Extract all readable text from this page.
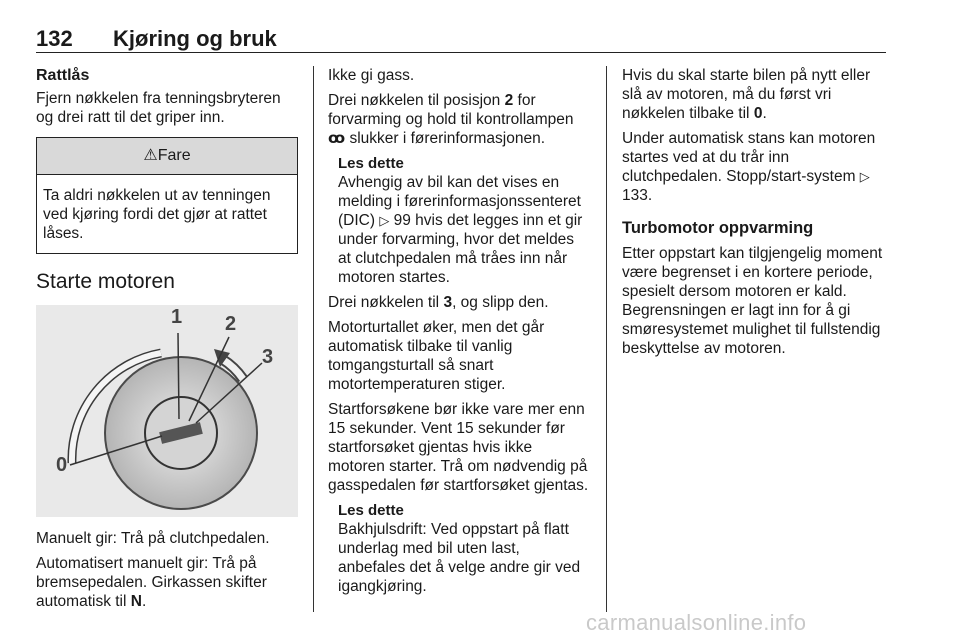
132 Kjøring og bruk
Rattlås

Fjern nøkkelen fra tenningsbryteren og drei ratt til det griper inn.

⚠Fare
Ta aldri nøkkelen ut av tenningen ved kjøring fordi det gjør at rattet låses.
Starte motoren
0
1 2
3

Manuelt gir: Trå på clutchpedalen.

Automatisert manuelt gir: Trå på bremsepedalen. Girkassen skifter automatisk til N.

Ikke gi gass.

Drei nøkkelen til posisjon 2 for forvarming og hold til kontrollampen ꝏ slukker i førerinformasjonen.

Les dette
Avhengig av bil kan det vises en melding i førerinformasjonssenteret (DIC) ▷ 99 hvis det legges inn et gir under forvarming, hvor det meldes at clutchpedalen må tråes inn når motoren startes.

Drei nøkkelen til 3, og slipp den.

Motorturtallet øker, men det går automatisk tilbake til vanlig tomgangsturtall så snart motortemperaturen stiger.

Startforsøkene bør ikke vare mer enn 15 sekunder. Vent 15 sekunder før startforsøket gjentas hvis ikke motoren starter. Trå om nødvendig på gasspedalen før startforsøket gjentas.

Les dette
Bakhjulsdrift: Ved oppstart på flatt underlag med bil uten last, anbefales det å velge andre gir ved igangkjøring.

Hvis du skal starte bilen på nytt eller slå av motoren, må du først vri nøkkelen tilbake til 0.

Under automatisk stans kan motoren startes ved at du trår inn clutchpedalen. Stopp/start-system ▷ 133.

Turbomotor oppvarming

Etter oppstart kan tilgjengelig moment være begrenset i en kortere periode, spesielt dersom motoren er kald. Begrensningen er lagt inn for å gi smøresystemet mulighet til fullstendig beskyttelse av motoren.

carmanualsonline.info
